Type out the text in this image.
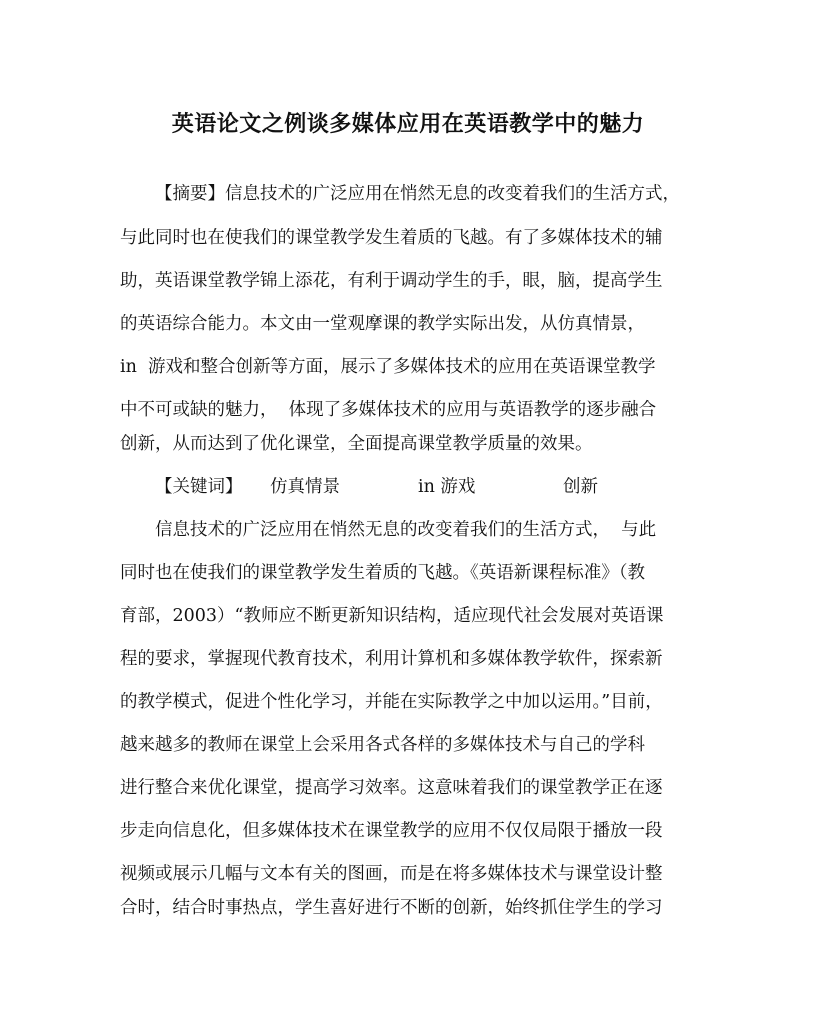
英语论文之例谈多媒体应用在英语教学中的魅力
【摘要】信息技术的广泛应用在悄然无息的改变着我们的生活方式，
与此同时也在使我们的课堂教学发生着质的飞越。有了多媒体技术的辅
助，英语课堂教学锦上添花，有利于调动学生的手，眼，脑，提高学生
的英语综合能力。本文由一堂观摩课的教学实际出发，从仿真情景，
in  游戏和整合创新等方面，展示了多媒体技术的应用在英语课堂教学
中不可或缺的魅力，  体现了多媒体技术的应用与英语教学的逐步融合
创新，从而达到了优化课堂，全面提高课堂教学质量的效果。
【关键词】 仿真情景	in 游戏	创新
信息技术的广泛应用在悄然无息的改变着我们的生活方式，  与此
同时也在使我们的课堂教学发生着质的飞越。《英语新课程标准》（教
育部，2003）“教师应不断更新知识结构，适应现代社会发展对英语课
程的要求，掌握现代教育技术，利用计算机和多媒体教学软件，探索新
的教学模式，促进个性化学习，并能在实际教学之中加以运用。”目前，
越来越多的教师在课堂上会采用各式各样的多媒体技术与自己的学科
进行整合来优化课堂，提高学习效率。这意味着我们的课堂教学正在逐
步走向信息化，但多媒体技术在课堂教学的应用不仅仅局限于播放一段
视频或展示几幅与文本有关的图画，而是在将多媒体技术与课堂设计整
合时，结合时事热点，学生喜好进行不断的创新，始终抓住学生的学习
